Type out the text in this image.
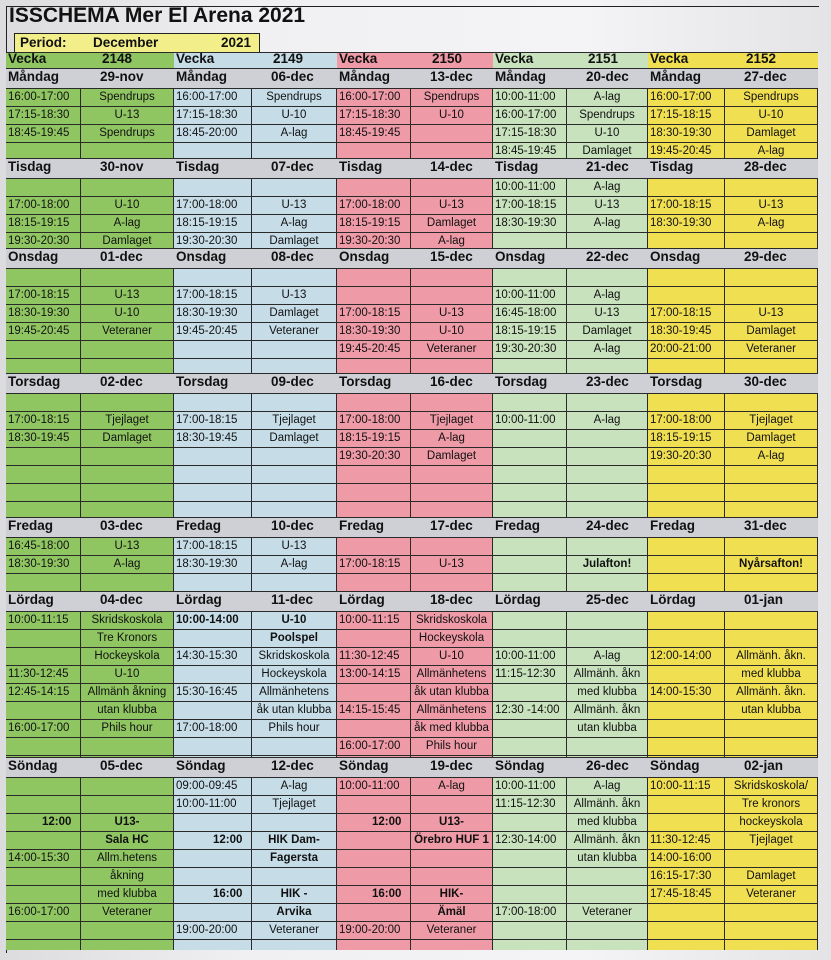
ISSCHEMA Mer El Arena 2021
Period: December	2021
Vecka	2148
Måndag	29-nov
16:00-17:00	Spendrups
17:15-18:30	U-13
18:45-19:45	Spendrups
Tisdag	30-nov
17:00-18:00	U-10
18:15-19:15	A-lag
19:30-20:30	Damlaget
Onsdag	01-dec
17:00-18:15	U-13
18:30-19:30	U-10
19:45-20:45	Veteraner
Torsdag	02-dec
17:00-18:15	Tjejlaget
18:30-19:45	Damlaget
Fredag	03-dec
16:45-18:00	U-13
18:30-19:30	A-lag
Lördag	04-dec
10:00-11:15	Skridskoskola
Tre Kronors
Hockeyskola
11:30-12:45	U-10
12:45-14:15	Allmänh åkning
utan klubba
16:00-17:00	Phils hour
Söndag	05-dec
12:00	U13-
Sala HC
14:00-15:30	Allm.hetens
åkning
med klubba
16:00-17:00	Veteraner
Vecka	2149
Måndag	06-dec
16:00-17:00	Spendrups
17:15-18:30	U-10
18:45-20:00	A-lag
Tisdag	07-dec
17:00-18:00	U-13
18:15-19:15	A-lag
19:30-20:30	Damlaget
Onsdag	08-dec
17:00-18:15	U-13
18:30-19:30	Damlaget
19:45-20:45	Veteraner
Torsdag	09-dec
17:00-18:15	Tjejlaget
18:30-19:45	Damlaget
Fredag	10-dec
17:00-18:15	U-13
18:30-19:30	A-lag
Lördag	11-dec
10:00-14:00	U-10
Poolspel
14:30-15:30	Skridskoskola
Hockeyskola
15:30-16:45	Allmänhetens
åk utan klubba
17:00-18:00	Phils hour
Söndag	12-dec
09:00-09:45	A-lag
10:00-11:00	Tjejlaget
12:00	HIK Dam-
Fagersta
16:00	HIK -
Arvika
19:00-20:00	Veteraner
Vecka	2150
Måndag	13-dec
16:00-17:00	Spendrups
17:15-18:30	U-10
18:45-19:45
Tisdag	14-dec
17:00-18:00	U-13
18:15-19:15	Damlaget
19:30-20:30	A-lag
Onsdag	15-dec
17:00-18:15	U-13
18:30-19:30	U-10
19:45-20:45	Veteraner
Torsdag	16-dec
17:00-18:00	Tjejlaget
18:15-19:15	A-lag
19:30-20:30	Damlaget
Fredag	17-dec
17:00-18:15	U-13
Lördag	18-dec
10:00-11:15 Skridskoskola
Hockeyskola
11:30-12:45	U-10
13:00-14:15 Allmänhetens
åk utan klubba
14:15-15:45 Allmänhetens
åk med klubba
16:00-17:00	Phils hour
Söndag	19-dec
10:00-11:00	A-lag
12:00	U13-
Örebro HUF 1
16:00	HIK-
Ämäl
19:00-20:00	Veteraner
Vecka	2151
Måndag	20-dec
10:00-11:00	A-lag
16:00-17:00	Spendrups
17:15-18:30	U-10
18:45-19:45	Damlaget
Tisdag	21-dec
10:00-11:00	A-lag
17:00-18:15	U-13
18:30-19:30	A-lag
Onsdag	22-dec
10:00-11:00	A-lag
16:45-18:00	U-13
18:15-19:15	Damlaget
19:30-20:30	A-lag
Torsdag	23-dec
10:00-11:00	A-lag
Fredag	24-dec
Julafton!
Lördag	25-dec
10:00-11:00	A-lag
11:15-12:30	Allmänh. åkn
med klubba
12:30 -14:00	Allmänh. åkn
utan klubba
Söndag	26-dec
10:00-11:00	A-lag
11:15-12:30	Allmänh. åkn
med klubba
12:30-14:00	Allmänh. åkn
utan klubba
17:00-18:00	Veteraner
Vecka	2152
Måndag	27-dec
16:00-17:00	Spendrups
17:15-18:15	U-10
18:30-19:30	Damlaget
19:45-20:45	A-lag
Tisdag	28-dec
17:00-18:15	U-13
18:30-19:30	A-lag
Onsdag	29-dec
17:00-18:15	U-13
18:30-19:45	Damlaget
20:00-21:00	Veteraner
Torsdag	30-dec
17:00-18:00	Tjejlaget
18:15-19:15	Damlaget
19:30-20:30	A-lag
Fredag	31-dec
Nyårsafton!
Lördag	01-jan
12:00-14:00	Allmänh. åkn.
med klubba
14:00-15:30	Allmänh. åkn.
utan klubba
Söndag	02-jan
10:00-11:15	Skridskoskola/
Tre kronors
hockeyskola
11:30-12:45	Tjejlaget
14:00-16:00
16:15-17:30	Damlaget
17:45-18:45	Veteraner
